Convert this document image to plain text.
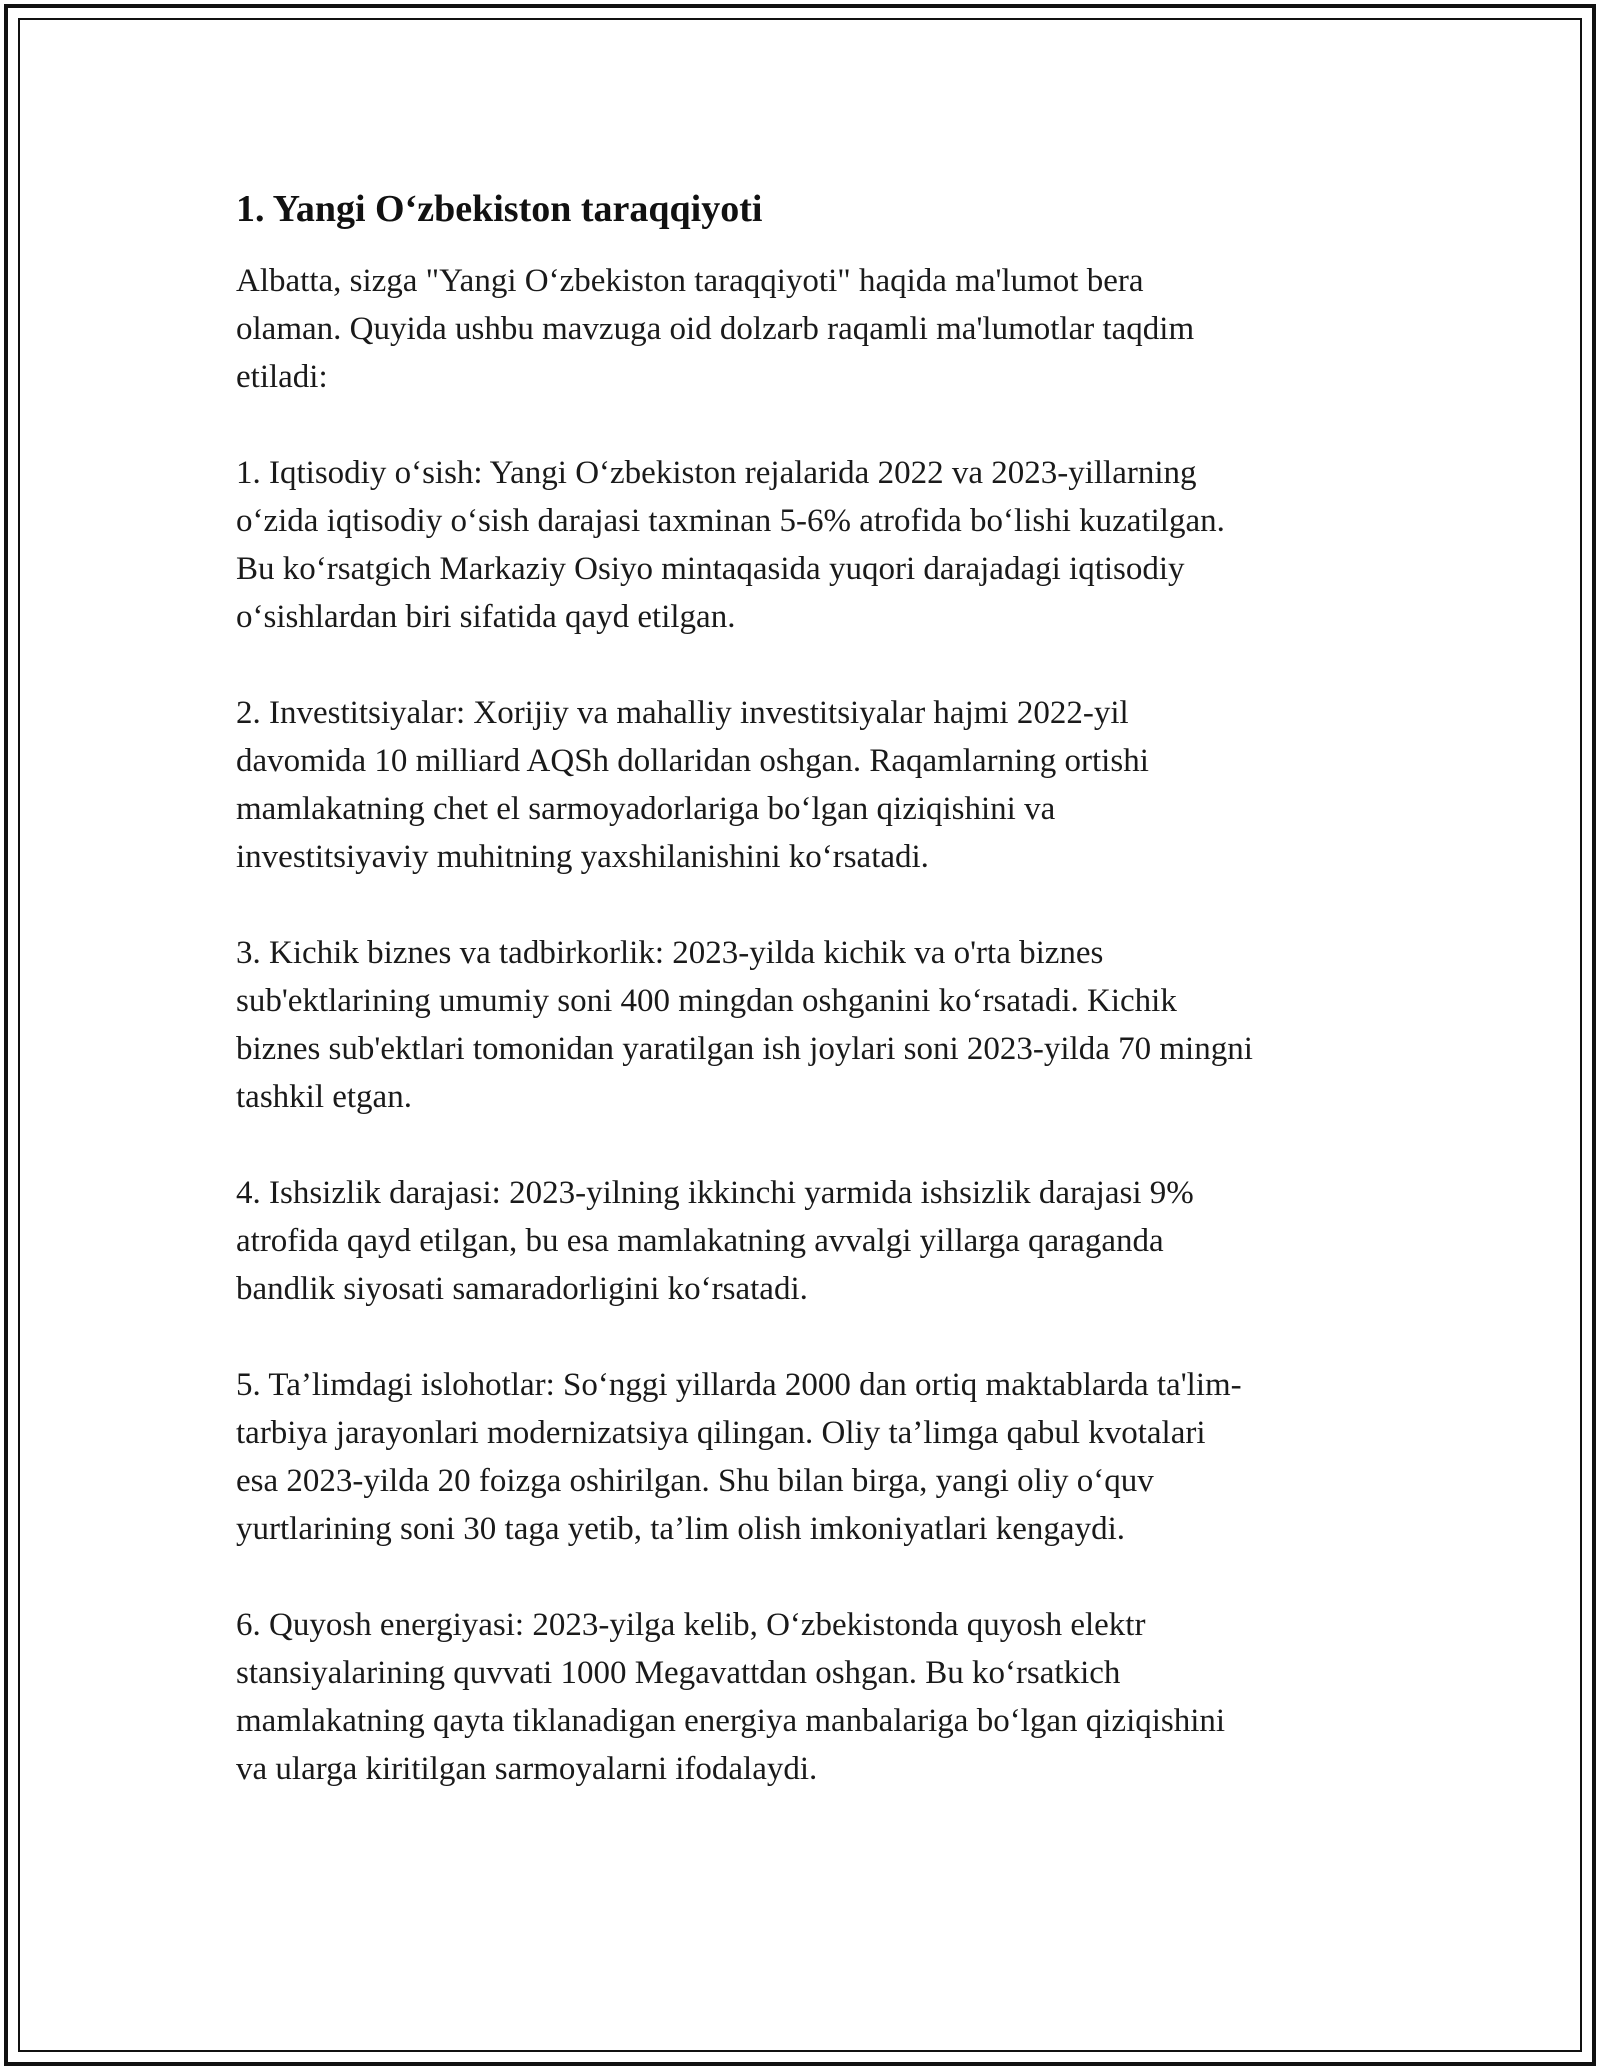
1. Yangi O‘zbekiston taraqqiyoti

Albatta, sizga "Yangi O‘zbekiston taraqqiyoti" haqida ma'lumot bera
olaman. Quyida ushbu mavzuga oid dolzarb raqamli ma'lumotlar taqdim
etiladi:

1. Iqtisodiy o‘sish: Yangi O‘zbekiston rejalarida 2022 va 2023-yillarning
o‘zida iqtisodiy o‘sish darajasi taxminan 5-6% atrofida bo‘lishi kuzatilgan.
Bu ko‘rsatgich Markaziy Osiyo mintaqasida yuqori darajadagi iqtisodiy
o‘sishlardan biri sifatida qayd etilgan.

2. Investitsiyalar: Xorijiy va mahalliy investitsiyalar hajmi 2022-yil
davomida 10 milliard AQSh dollaridan oshgan. Raqamlarning ortishi
mamlakatning chet el sarmoyadorlariga bo‘lgan qiziqishini va
investitsiyaviy muhitning yaxshilanishini ko‘rsatadi.

3. Kichik biznes va tadbirkorlik: 2023-yilda kichik va o'rta biznes
sub'ektlarining umumiy soni 400 mingdan oshganini ko‘rsatadi. Kichik
biznes sub'ektlari tomonidan yaratilgan ish joylari soni 2023-yilda 70 mingni
tashkil etgan.

4. Ishsizlik darajasi: 2023-yilning ikkinchi yarmida ishsizlik darajasi 9%
atrofida qayd etilgan, bu esa mamlakatning avvalgi yillarga qaraganda
bandlik siyosati samaradorligini ko‘rsatadi.

5. Ta’limdagi islohotlar: So‘nggi yillarda 2000 dan ortiq maktablarda ta'lim-
tarbiya jarayonlari modernizatsiya qilingan. Oliy ta’limga qabul kvotalari
esa 2023-yilda 20 foizga oshirilgan. Shu bilan birga, yangi oliy o‘quv
yurtlarining soni 30 taga yetib, ta’lim olish imkoniyatlari kengaydi.

6. Quyosh energiyasi: 2023-yilga kelib, O‘zbekistonda quyosh elektr
stansiyalarining quvvati 1000 Megavattdan oshgan. Bu ko‘rsatkich
mamlakatning qayta tiklanadigan energiya manbalariga bo‘lgan qiziqishini
va ularga kiritilgan sarmoyalarni ifodalaydi.
